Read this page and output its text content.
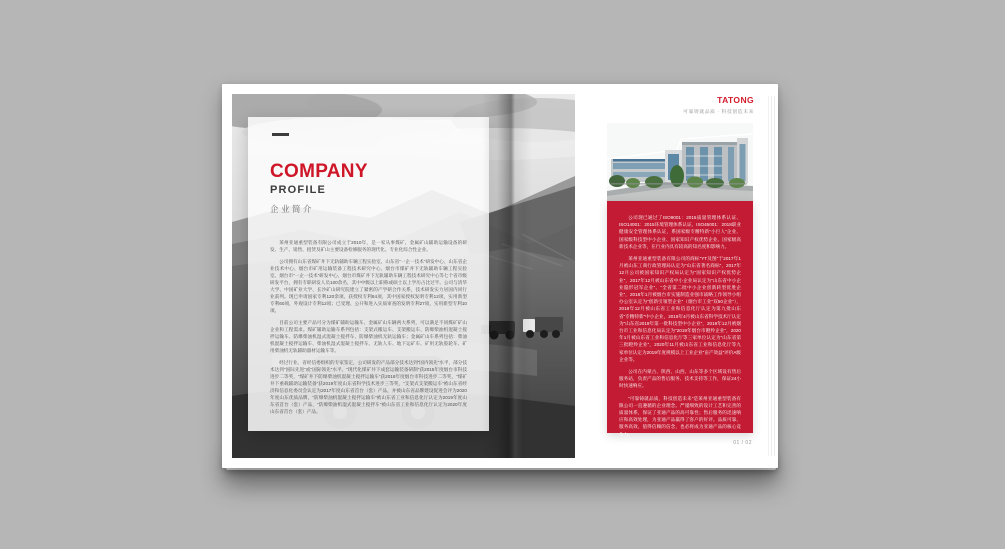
COMPANY
PROFILE
企业简介

莱州亚通重型装备有限公司成立于2010年，是一家从事煤矿、金属矿山辅助运输设备的研发、生产、销售、租赁及矿山主要设备检修服务的现代化、专业化综合性企业。

公司拥有山东省煤矿井下无轨辅助车辆工程实验室、山东省“一企一技术”研发中心、山东省企业技术中心、烟台市矿用运输装备工程技术研究中心、烟台市煤矿井下无轨辅助车辆工程实验室、烟台市“一企一技术”研发中心、烟台市煤矿井下无轨辅助车辆工程技术研究中心等七个省市级研发平台，拥有专职研发人员100余名，其中中级以上职称或硕士以上学历占比过半。公司与清华大学、中国矿业大学、长沙矿山研究院建立了紧密的产学研合作关系，技术研发实力居国内同行业前列。现已申请国家专利120余项，获授权专利84项，其中国家授权发明专利12项，实用新型专利60项，外观设计专利12项；已受理、公开和进入实质审查的发明专利27项，实用新型专利10项。

目前公司主要产品可分为煤矿辅助运输车、金属矿山车辆两大系列，可以满足不同煤矿矿山企业和工程需求。煤矿辅助运输车系列包括：支架式搬运车、支架搬运车、防爆柴油机混凝土搅拌运输车、防爆柴油机湿式混凝土搅拌车、防爆柴油机无轨运输车；金属矿山车系列包括：柴油机混凝土搅拌运输车、柴油机湿式混凝土搅拌车、无轨人车、地下运矿车、矿用无轨胶轮车、矿用柴油机无轨辅助器材运输车等。

经过行业、省经信委组织的专家鉴定，公司研发的产品部分技术达到“国内领先”水平，部分技术达到“国际先进”或“国际领先”水平。“现代化煤矿井下成套运输装备研制”获2015年度烟台市科技进步二等奖，“煤矿井下防爆柴油机混凝土搅拌运输车”获2018年度烟台市科技进步二等奖，“煤矿井下重载辅助运输装备”获2019年度山东省科学技术进步三等奖，“支架式支架搬运车”被山东省经济和信息化委员会认定为2017年度山东省首台（套）产品，并被山东省品牌建设促进会评为2020年度山东优质品牌，“防爆柴油机混凝土搅拌运输车”被山东省工业和信息化厅认定为2019年度山东省首台（套）产品，“防爆柴油机湿式混凝土搅拌车”被山东省工业和信息化厅认定为2020年度山东省首台（套）产品。

TATONG
可靠铸就品质 · 科技创造未来

公司现已通过了ISO9001：2015质量管理体系认证、ISO14001：2015环境管理体系认证、ISO45001：2018职业健康安全管理体系认证，系国家级专精特新“小巨人”企业、国家级科技型中小企业、国家知识产权优势企业、国家级高新技术企业等，在行业内具有较高的知名度和影响力。

莱州亚通重型装备有限公司的商标“YT及图”于2017年1月被山东工商行政管理局认定为“山东省著名商标”，2017年12月公司被国家知识产权局认定为“国家知识产权优势企业”，2017年12月被山东省中小企业局认定为“山东省中小企业隐形冠军企业”、“全省第二批中小企业创新转型优胜企业”，2018年1月被烟台市实施制造业强市战略工作领导小组办公室认定为“创新引领型企业”（烟台市工业“双50企业”），2018年12月被山东省工业和信息化厅认定为第九批山东省“专精特新”中小企业，2019年4月被山东省科学技术厅认定为“山东省2019年第一批科技型中小企业”，2019年12月被烟台市工业和信息化局认定为“2019年烟台市瞪羚企业”，2020年1月被山东省工业和信息化厅等三家单位认定为“山东省第三批瞪羚企业”，2020年11月被山东省工业和信息化厅等九家单位认定为2019年度规模以上工业企业“亩产效益”评价A级企业等。

公司在内蒙古、陕西、山西、山东等多个区域设有售后服务站，负责产品的售后服务、技术支持等工作，保证24小时快速响应。

“可靠铸就品质，科技创造未来”是莱州亚通重型装备有限公司一直遵循的企业理念。严谨细致的设计工艺和完善的质量体系，保证了亚通产品的高可靠性；售后服务的迅速响应和高效处理，为亚通产品赢得了客户的好评。品质可靠、服务高效、值得信赖的信念，也必将成为亚通产品的核心竞争力。

01 / 02
